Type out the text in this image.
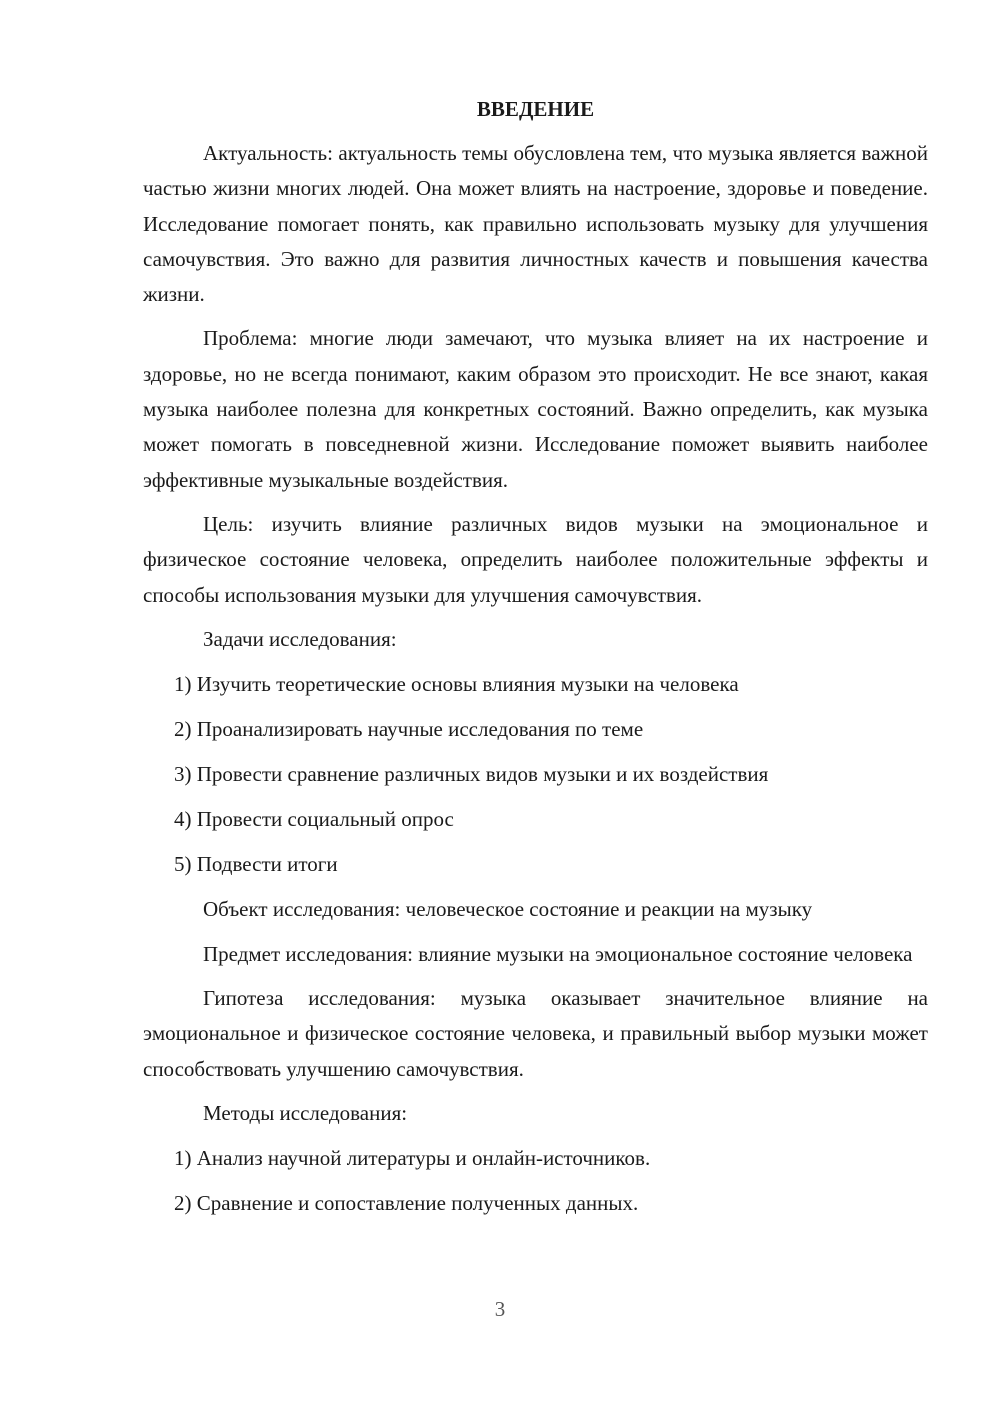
ВВЕДЕНИЕ

Актуальность: актуальность темы обусловлена тем, что музыка является важной частью жизни многих людей. Она может влиять на настроение, здоровье и поведение. Исследование помогает понять, как правильно использовать музыку для улучшения самочувствия. Это важно для развития личностных качеств и повышения качества жизни.

Проблема: многие люди замечают, что музыка влияет на их настроение и здоровье, но не всегда понимают, каким образом это происходит. Не все знают, какая музыка наиболее полезна для конкретных состояний. Важно определить, как музыка может помогать в повседневной жизни. Исследование поможет выявить наиболее эффективные музыкальные воздействия.

Цель: изучить влияние различных видов музыки на эмоциональное и физическое состояние человека, определить наиболее положительные эффекты и способы использования музыки для улучшения самочувствия.

Задачи исследования:
1) Изучить теоретические основы влияния музыки на человека
2) Проанализировать научные исследования по теме
3) Провести сравнение различных видов музыки и их воздействия
4) Провести социальный опрос
5) Подвести итоги
Объект исследования: человеческое состояние и реакции на музыку

Предмет исследования: влияние музыки на эмоциональное состояние человека

Гипотеза исследования: музыка оказывает значительное влияние на эмоциональное и физическое состояние человека, и правильный выбор музыки может способствовать улучшению самочувствия.

Методы исследования:
1) Анализ научной литературы и онлайн-источников.
2) Сравнение и сопоставление полученных данных.
3
